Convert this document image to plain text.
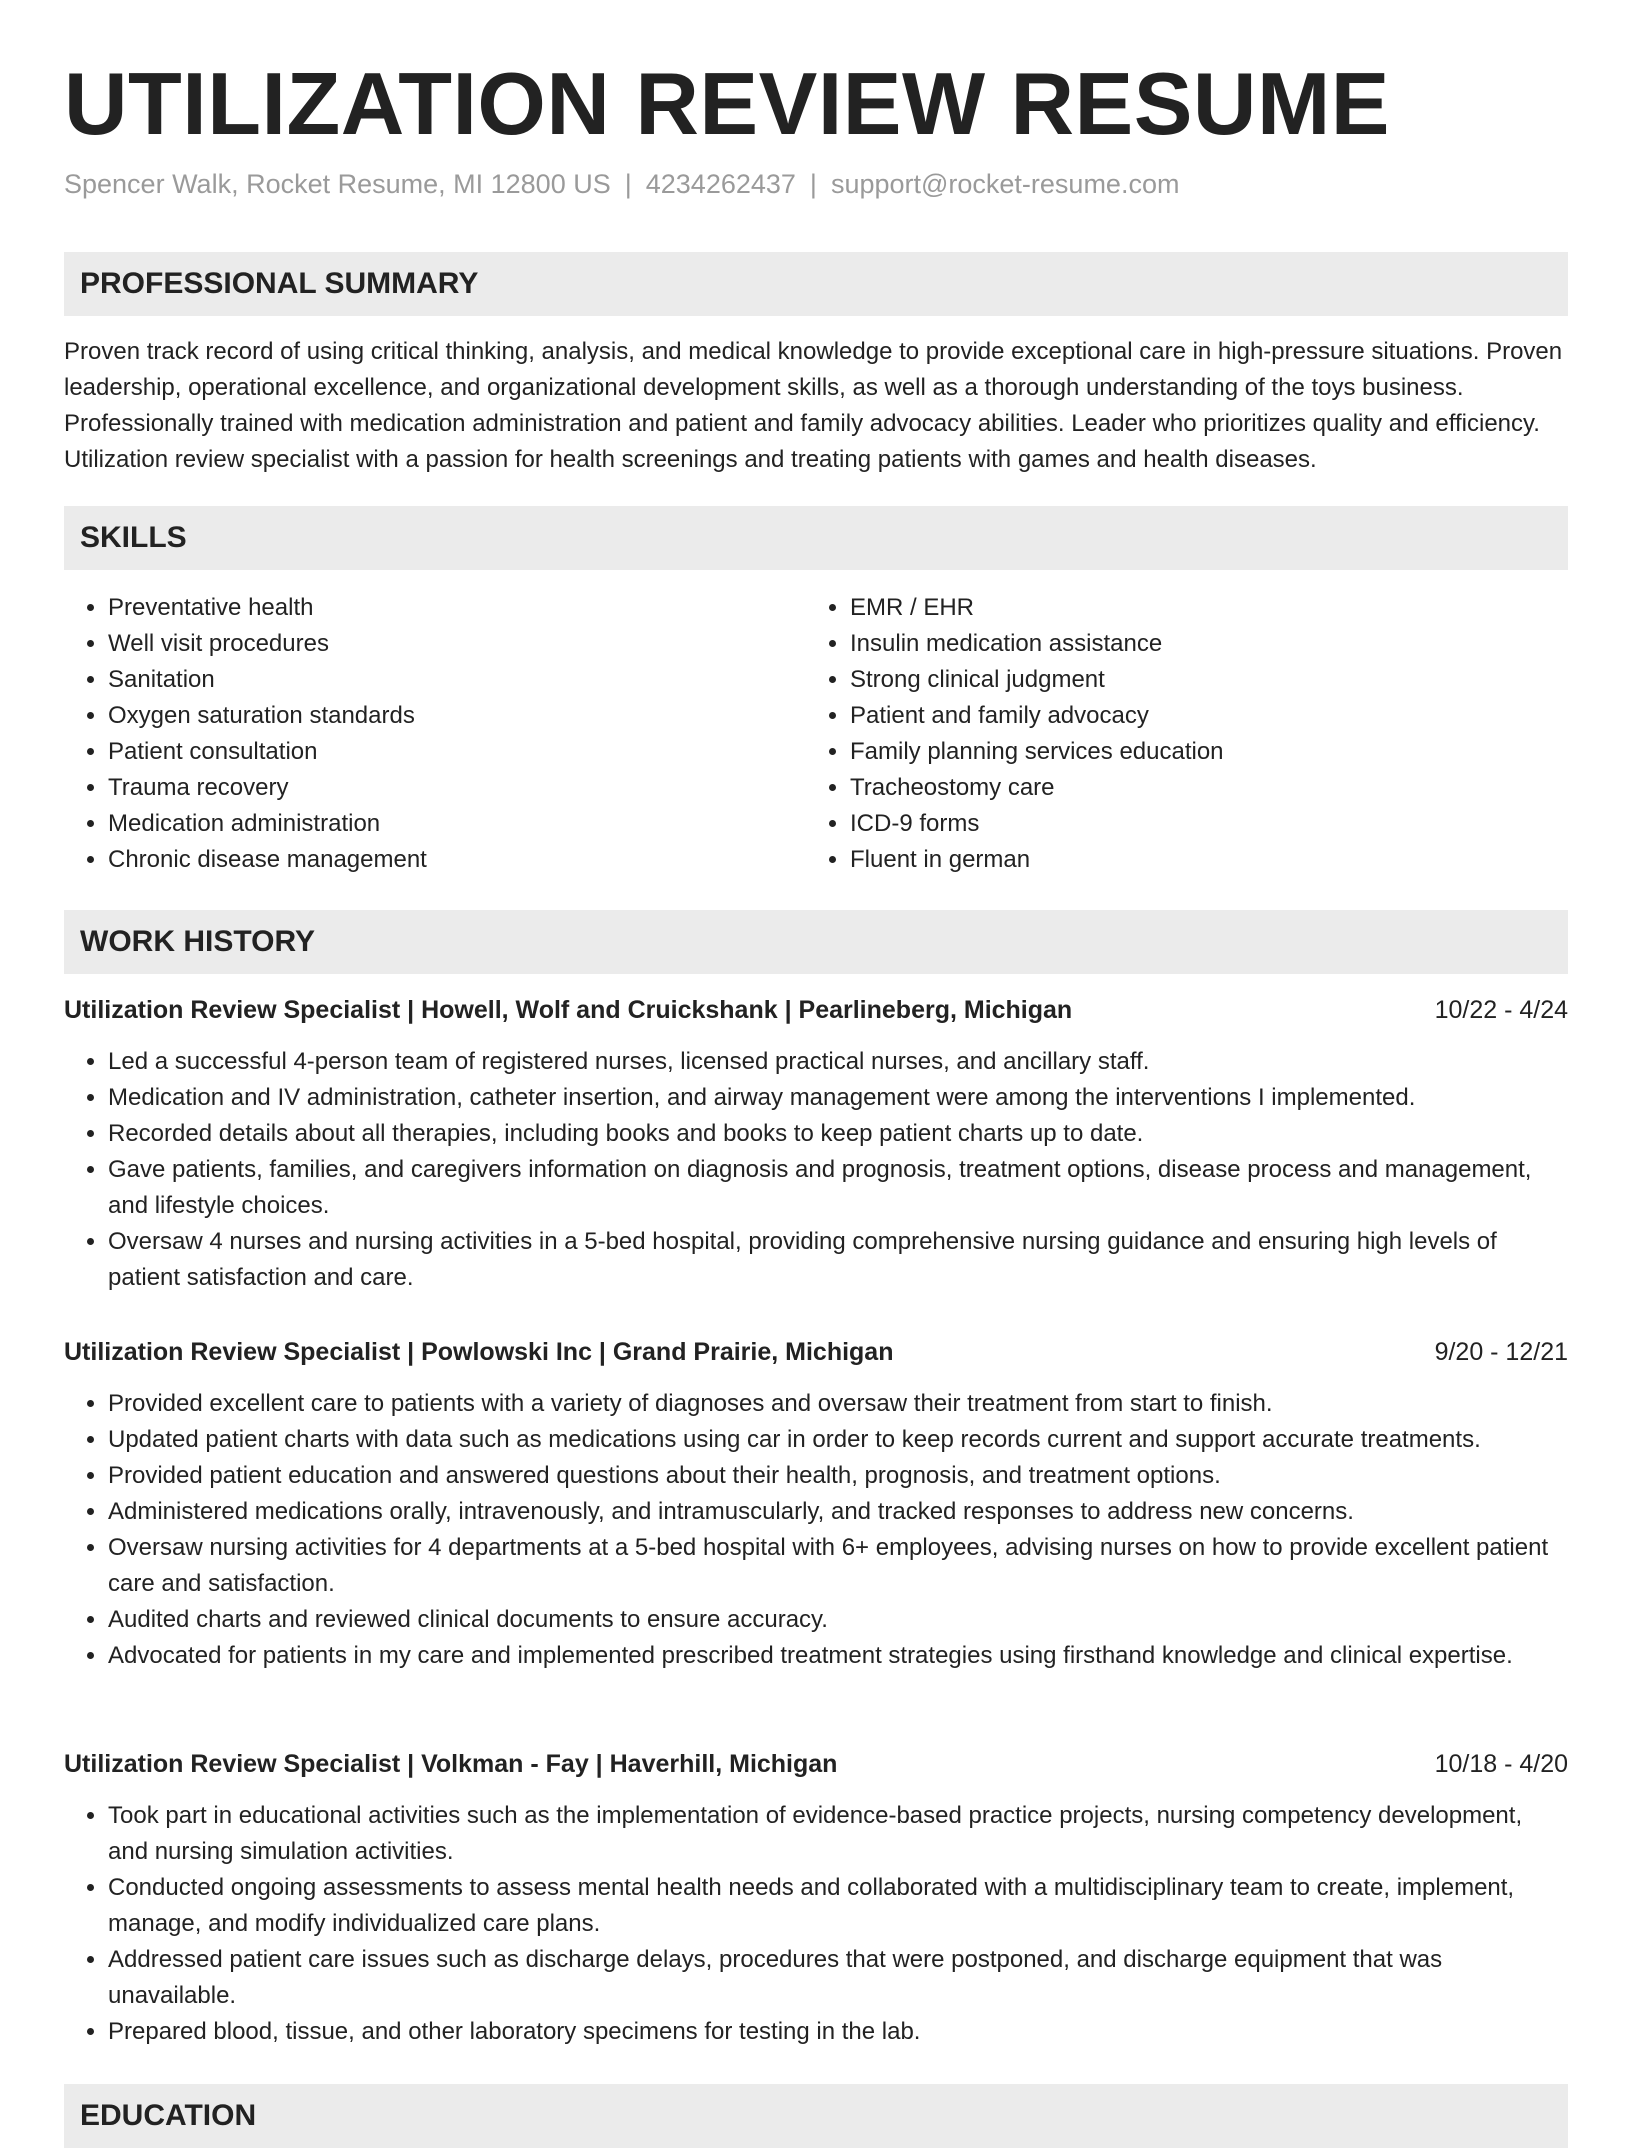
UTILIZATION REVIEW RESUME
Spencer Walk, Rocket Resume, MI 12800 US | 4234262437 | support@rocket-resume.com
PROFESSIONAL SUMMARY

Proven track record of using critical thinking, analysis, and medical knowledge to provide exceptional care in high-pressure situations. Proven leadership, operational excellence, and organizational development skills, as well as a thorough understanding of the toys business. Professionally trained with medication administration and patient and family advocacy abilities. Leader who prioritizes quality and efficiency. Utilization review specialist with a passion for health screenings and treating patients with games and health diseases.

SKILLS
• Preventative health
• Well visit procedures
• Sanitation
• Oxygen saturation standards
• Patient consultation
• Trauma recovery
• Medication administration
• Chronic disease management
• EMR / EHR
• Insulin medication assistance
• Strong clinical judgment
• Patient and family advocacy
• Family planning services education
• Tracheostomy care
• ICD-9 forms
• Fluent in german
WORK HISTORY
Utilization Review Specialist | Howell, Wolf and Cruickshank | Pearlineberg, Michigan	10/22 - 4/24
• Led a successful 4-person team of registered nurses, licensed practical nurses, and ancillary staff.
• Medication and IV administration, catheter insertion, and airway management were among the interventions I implemented.
• Recorded details about all therapies, including books and books to keep patient charts up to date.
• Gave patients, families, and caregivers information on diagnosis and prognosis, treatment options, disease process and management, and lifestyle choices.
• Oversaw 4 nurses and nursing activities in a 5-bed hospital, providing comprehensive nursing guidance and ensuring high levels of patient satisfaction and care.
Utilization Review Specialist | Powlowski Inc | Grand Prairie, Michigan	9/20 - 12/21
• Provided excellent care to patients with a variety of diagnoses and oversaw their treatment from start to finish.
• Updated patient charts with data such as medications using car in order to keep records current and support accurate treatments.
• Provided patient education and answered questions about their health, prognosis, and treatment options.
• Administered medications orally, intravenously, and intramuscularly, and tracked responses to address new concerns.
• Oversaw nursing activities for 4 departments at a 5-bed hospital with 6+ employees, advising nurses on how to provide excellent patient care and satisfaction.
• Audited charts and reviewed clinical documents to ensure accuracy.
• Advocated for patients in my care and implemented prescribed treatment strategies using firsthand knowledge and clinical expertise.
Utilization Review Specialist | Volkman - Fay | Haverhill, Michigan	10/18 - 4/20
• Took part in educational activities such as the implementation of evidence-based practice projects, nursing competency development, and nursing simulation activities.
• Conducted ongoing assessments to assess mental health needs and collaborated with a multidisciplinary team to create, implement, manage, and modify individualized care plans.
• Addressed patient care issues such as discharge delays, procedures that were postponed, and discharge equipment that was unavailable.
• Prepared blood, tissue, and other laboratory specimens for testing in the lab.
EDUCATION
